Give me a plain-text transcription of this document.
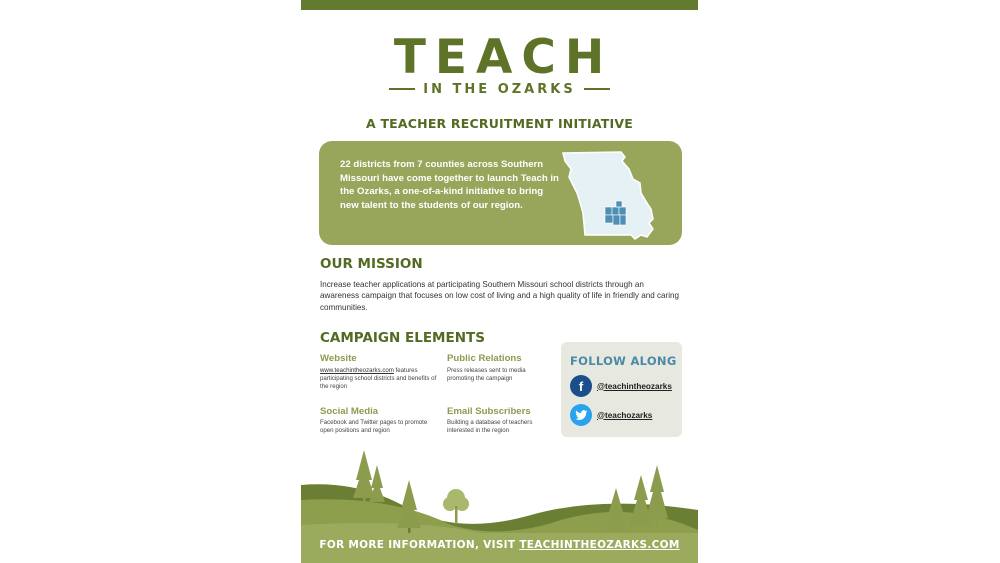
TEACH
IN THE OZARKS
A TEACHER RECRUITMENT INITIATIVE
22 districts from 7 counties across Southern Missouri have come together to launch Teach in the Ozarks, a one-of-a-kind initiative to bring new talent to the students of our region.
OUR MISSION
Increase teacher applications at participating Southern Missouri school districts through an awareness campaign that focuses on low cost of living and a high quality of life in friendly and caring communities.
CAMPAIGN ELEMENTS
Website
www.teachintheozarks.com features participating school districts and benefits of the region
Public Relations
Press releases sent to media promoting the campaign
Social Media
Facebook and Twitter pages to promote open positions and region
Email Subscribers
Building a database of teachers interested in the region
FOLLOW ALONG
f	@teachintheozarks
@teachozarks
FOR MORE INFORMATION, VISIT TEACHINTHEOZARKS.COM
